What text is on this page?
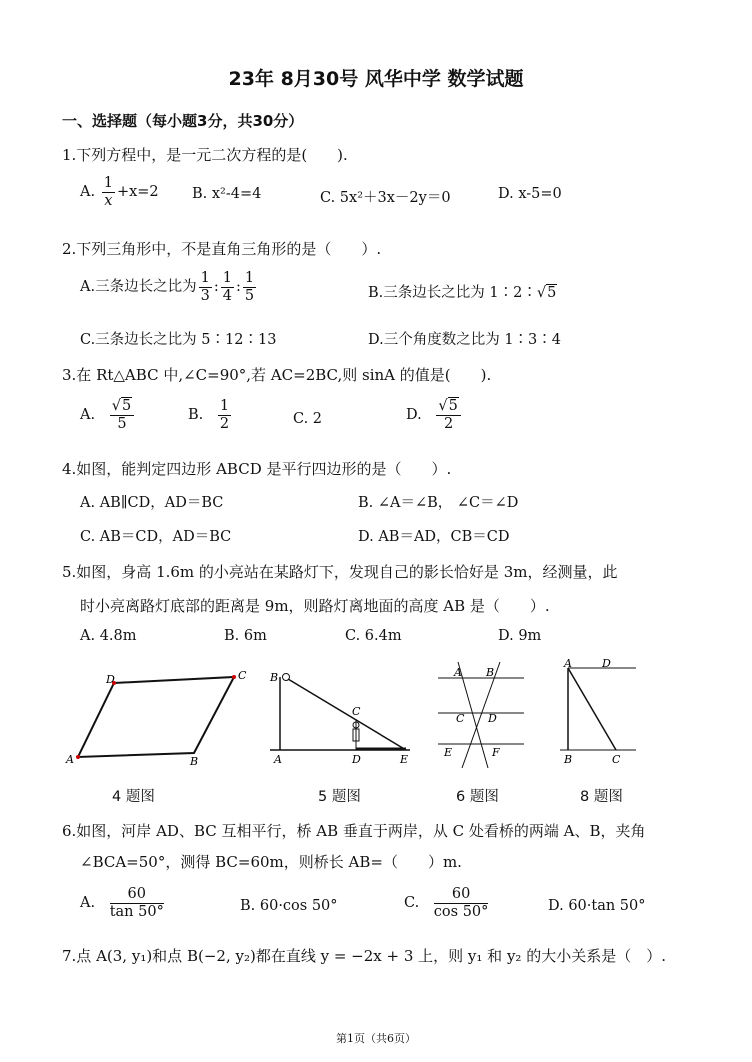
23年 8月30号 风华中学 数学试题
一、选择题（每小题3分，共30分）
1.下列方程中，是一元二次方程的是(　　).
A. $\frac{1}{x} +x=2$ B. x²-4=4	C. 5x²＋3x－2y＝0	D. x-5=0
2.下列三角形中，不是直角三角形的是（　　）.
A.三条边长之比为 $\frac{1}{3}$ : $\frac{1}{4}$ : $\frac{1}{5}$	B.三条边长之比为 1∶2∶√5
C.三条边长之比为 5∶12∶13	D.三个角度数之比为 1∶3∶4
3.在 Rt△ABC 中,∠C=90°,若 AC=2BC,则 sinA 的值是(　　).
A. $\frac{√5}{5}$	B. $\frac{1}{2}$	C. 2	D. $\frac{√5}{2}$
4.如图，能判定四边形 ABCD 是平行四边形的是（　　）.
A. AB∥CD，AD＝BC	B. ∠A＝∠B， ∠C＝∠D
C. AB＝CD，AD＝BC	D. AB＝AD，CB＝CD
5.如图，身高 1.6m 的小亮站在某路灯下，发现自己的影长恰好是 3m，经测量，此
时小亮离路灯底部的距离是 9m，则路灯离地面的高度 AB 是（　　）.
A. 4.8m	B. 6m	C. 6.4m	D. 9m
D	C
A	B
B
C
A	D	E
A B
C D
E	F
A	D
B	C
4 题图	5 题图	6 题图	8 题图
6.如图，河岸 AD、BC 互相平行，桥 AB 垂直于两岸，从 C 处看桥的两端 A、B，夹角
∠BCA=50°，测得 BC=60m，则桥长 AB=（　　）m.
A. $\frac{60}{\tan 50^\circ}$	B. 60·cos 50°	C. $\frac{60}{\cos 50^\circ}$	D. 60·tan 50°
7.点 A(3, y₁)和点 B(−2, y₂)都在直线 y = −2x + 3 上，则 y₁ 和 y₂ 的大小关系是（　）.
第1页（共6页）
